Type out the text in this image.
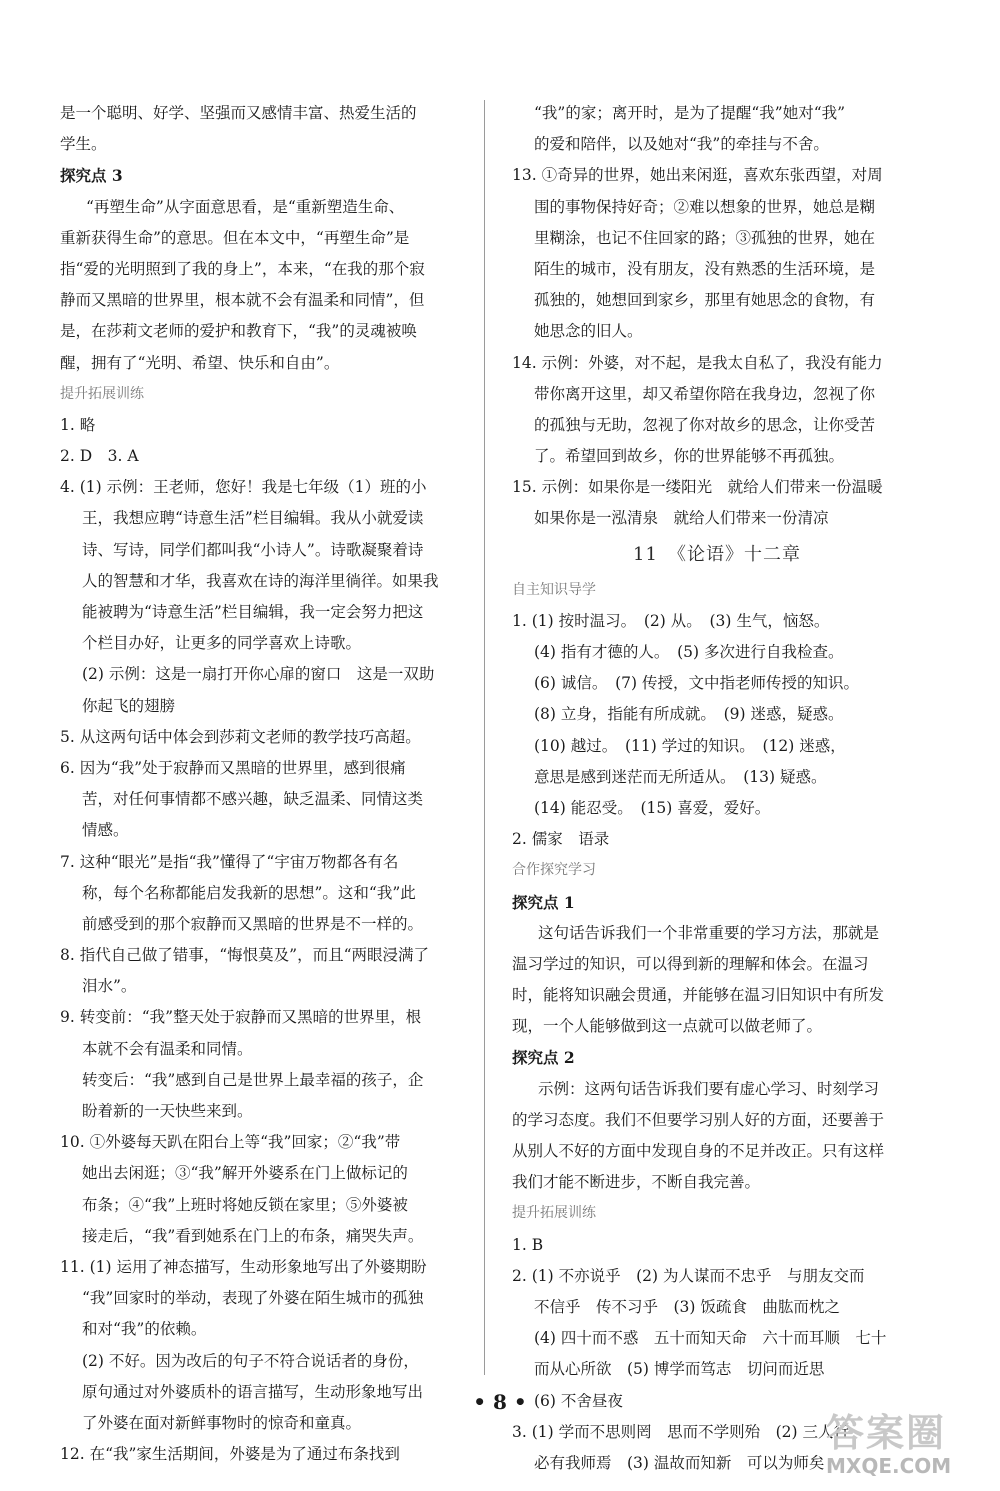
是一个聪明、好学、坚强而又感情丰富、热爱生活的
学生。
探究点 3
“再塑生命”从字面意思看，是“重新塑造生命、
重新获得生命”的意思。但在本文中，“再塑生命”是
指“爱的光明照到了我的身上”，本来，“在我的那个寂
静而又黑暗的世界里，根本就不会有温柔和同情”，但
是，在莎莉文老师的爱护和教育下，“我”的灵魂被唤
醒，拥有了“光明、希望、快乐和自由”。
提升拓展训练
1. 略
2. D　3. A
4. (1) 示例：王老师，您好！我是七年级（1）班的小
王，我想应聘“诗意生活”栏目编辑。我从小就爱读
诗、写诗，同学们都叫我“小诗人”。诗歌凝聚着诗
人的智慧和才华，我喜欢在诗的海洋里徜徉。如果我
能被聘为“诗意生活”栏目编辑，我一定会努力把这
个栏目办好，让更多的同学喜欢上诗歌。
(2) 示例：这是一扇打开你心扉的窗口　这是一双助
你起飞的翅膀
5. 从这两句话中体会到莎莉文老师的教学技巧高超。
6. 因为“我”处于寂静而又黑暗的世界里，感到很痛
苦，对任何事情都不感兴趣，缺乏温柔、同情这类
情感。
7. 这种“眼光”是指“我”懂得了“宇宙万物都各有名
称，每个名称都能启发我新的思想”。这和“我”此
前感受到的那个寂静而又黑暗的世界是不一样的。
8. 指代自己做了错事，“悔恨莫及”，而且“两眼浸满了
泪水”。
9. 转变前：“我”整天处于寂静而又黑暗的世界里，根
本就不会有温柔和同情。
转变后：“我”感到自己是世界上最幸福的孩子，企
盼着新的一天快些来到。
10. ①外婆每天趴在阳台上等“我”回家；②“我”带
她出去闲逛；③“我”解开外婆系在门上做标记的
布条；④“我”上班时将她反锁在家里；⑤外婆被
接走后，“我”看到她系在门上的布条，痛哭失声。
11. (1) 运用了神态描写，生动形象地写出了外婆期盼
“我”回家时的举动，表现了外婆在陌生城市的孤独
和对“我”的依赖。
(2) 不好。因为改后的句子不符合说话者的身份，
原句通过对外婆质朴的语言描写，生动形象地写出
了外婆在面对新鲜事物时的惊奇和童真。
12. 在“我”家生活期间，外婆是为了通过布条找到
“我”的家；离开时，是为了提醒“我”她对“我”
的爱和陪伴，以及她对“我”的牵挂与不舍。
13. ①奇异的世界，她出来闲逛，喜欢东张西望，对周
围的事物保持好奇；②难以想象的世界，她总是糊
里糊涂，也记不住回家的路；③孤独的世界，她在
陌生的城市，没有朋友，没有熟悉的生活环境，是
孤独的，她想回到家乡，那里有她思念的食物，有
她思念的旧人。
14. 示例：外婆，对不起，是我太自私了，我没有能力
带你离开这里，却又希望你陪在我身边，忽视了你
的孤独与无助，忽视了你对故乡的思念，让你受苦
了。希望回到故乡，你的世界能够不再孤独。
15. 示例：如果你是一缕阳光　就给人们带来一份温暖
如果你是一泓清泉　就给人们带来一份清凉
11　《论语》十二章
自主知识导学
1. (1) 按时温习。　(2) 从。　(3) 生气，恼怒。
(4) 指有才德的人。　(5) 多次进行自我检查。
(6) 诚信。　(7) 传授，文中指老师传授的知识。
(8) 立身，指能有所成就。　(9) 迷惑，疑惑。
(10) 越过。　(11) 学过的知识。　(12) 迷惑，
意思是感到迷茫而无所适从。　(13) 疑惑。
(14) 能忍受。　(15) 喜爱，爱好。
2. 儒家　语录
合作探究学习
探究点 1
这句话告诉我们一个非常重要的学习方法，那就是
温习学过的知识，可以得到新的理解和体会。在温习
时，能将知识融会贯通，并能够在温习旧知识中有所发
现，一个人能够做到这一点就可以做老师了。
探究点 2
示例：这两句话告诉我们要有虚心学习、时刻学习
的学习态度。我们不但要学习别人好的方面，还要善于
从别人不好的方面中发现自身的不足并改正。只有这样
我们才能不断进步，不断自我完善。
提升拓展训练
1. B
2. (1) 不亦说乎　(2) 为人谋而不忠乎　与朋友交而
不信乎　传不习乎　(3) 饭疏食　曲肱而枕之
(4) 四十而不惑　五十而知天命　六十而耳顺　七十
而从心所欲　(5) 博学而笃志　切问而近思
(6) 不舍昼夜
3. (1) 学而不思则罔　思而不学则殆　(2) 三人行
必有我师焉　(3) 温故而知新　可以为师矣
• 8 •
答案圈
MXQE.COM
